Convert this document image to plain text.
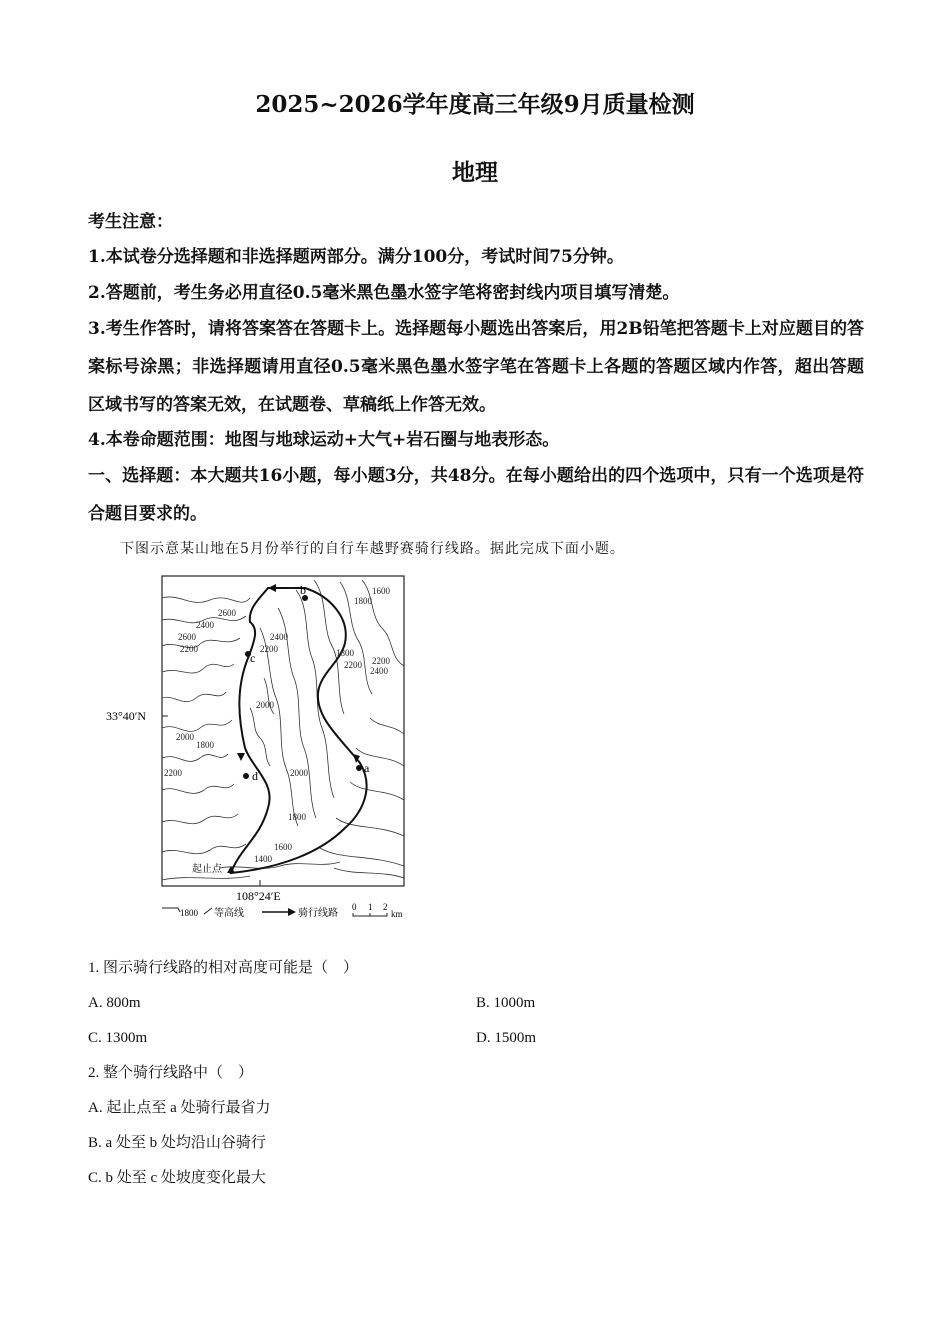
2025~2026学年度高三年级9月质量检测
地理
考生注意：
1.本试卷分选择题和非选择题两部分。满分100分，考试时间75分钟。
2.答题前，考生务必用直径0.5毫米黑色墨水签字笔将密封线内项目填写清楚。
3.考生作答时，请将答案答在答题卡上。选择题每小题选出答案后，用2B铅笔把答题卡上对应题目的答案标号涂黑；非选择题请用直径0.5毫米黑色墨水签字笔在答题卡上各题的答题区域内作答，超出答题区域书写的答案无效，在试题卷、草稿纸上作答无效。
4.本卷命题范围：地图与地球运动+大气+岩石圈与地表形态。
一、选择题：本大题共16小题，每小题3分，共48分。在每小题给出的四个选项中，只有一个选项是符合题目要求的。
下图示意某山地在5月份举行的自行车越野赛骑行线路。据此完成下面小题。
a
b
c
d
起止点
1600
1800
2600
2400
2600
2200
2400
2200
2000
1800
2200
2000
1800
2200
2400
2200
2000
1800
1600
1400
33°40′N
108°24′E
1800 等高线	骑行线路
0 1 2
km
1. 图示骑行线路的相对高度可能是（　）
A. 800m	B. 1000m
C. 1300m	D. 1500m
2. 整个骑行线路中（　）
A. 起止点至 a 处骑行最省力
B. a 处至 b 处均沿山谷骑行
C. b 处至 c 处坡度变化最大
